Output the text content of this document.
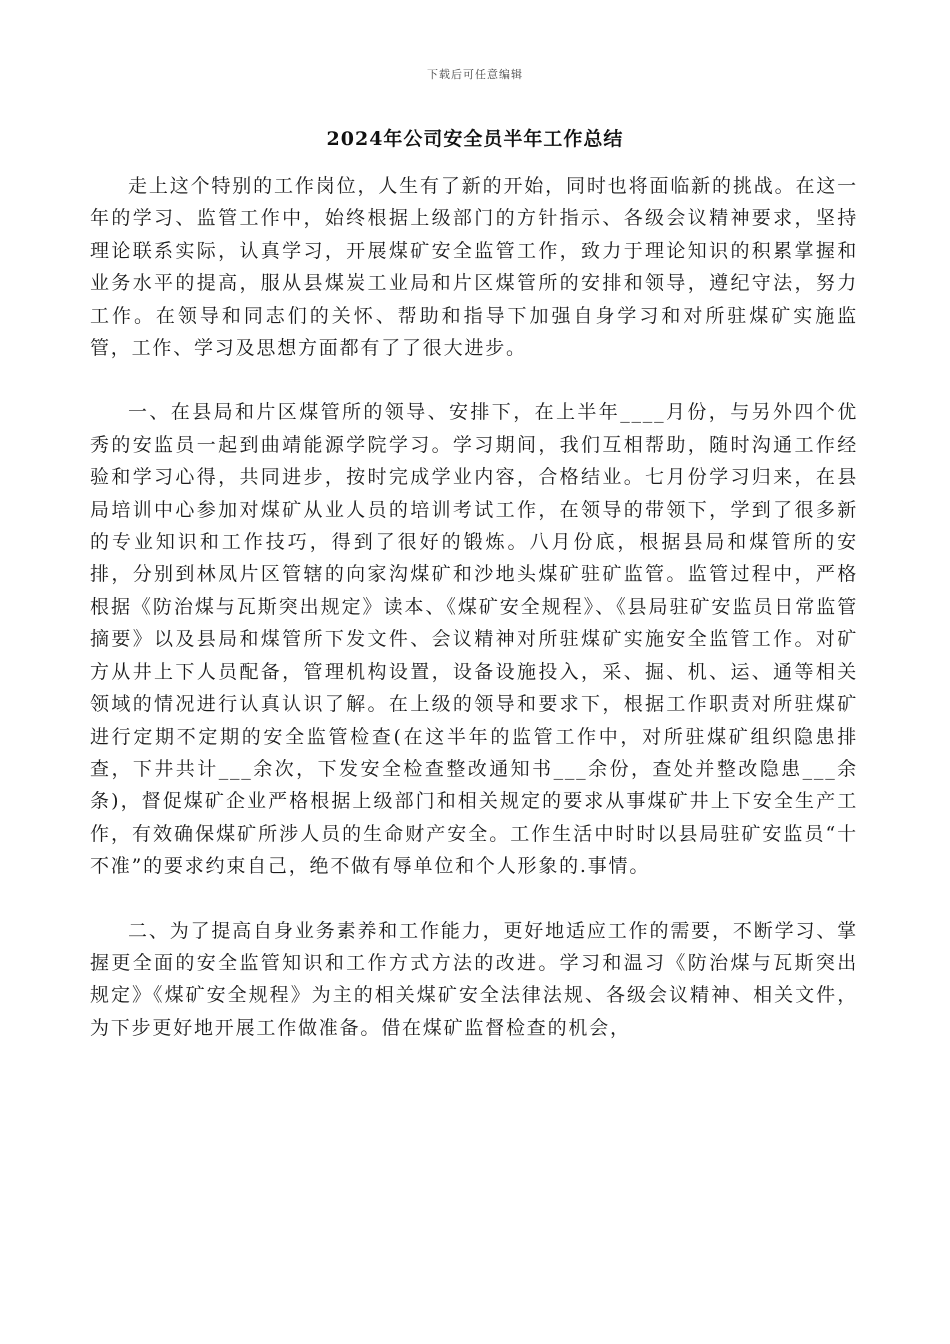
下载后可任意编辑
2024年公司安全员半年工作总结

走上这个特别的工作岗位，人生有了新的开始，同时也将面临新的挑战。在这一年的学习、监管工作中，始终根据上级部门的方针指示、各级会议精神要求，坚持理论联系实际，认真学习，开展煤矿安全监管工作，致力于理论知识的积累掌握和业务水平的提高，服从县煤炭工业局和片区煤管所的安排和领导，遵纪守法，努力工作。在领导和同志们的关怀、帮助和指导下加强自身学习和对所驻煤矿实施监管，工作、学习及思想方面都有了了很大进步。

一、在县局和片区煤管所的领导、安排下，在上半年____月份，与另外四个优秀的安监员一起到曲靖能源学院学习。学习期间，我们互相帮助，随时沟通工作经验和学习心得，共同进步，按时完成学业内容，合格结业。七月份学习归来，在县局培训中心参加对煤矿从业人员的培训考试工作，在领导的带领下，学到了很多新的专业知识和工作技巧，得到了很好的锻炼。八月份底，根据县局和煤管所的安排，分别到林凤片区管辖的向家沟煤矿和沙地头煤矿驻矿监管。监管过程中，严格根据《防治煤与瓦斯突出规定》读本、《煤矿安全规程》、《县局驻矿安监员日常监管摘要》以及县局和煤管所下发文件、会议精神对所驻煤矿实施安全监管工作。对矿方从井上下人员配备，管理机构设置，设备设施投入，采、掘、机、运、通等相关领域的情况进行认真认识了解。在上级的领导和要求下，根据工作职责对所驻煤矿进行定期不定期的安全监管检查(在这半年的监管工作中，对所驻煤矿组织隐患排查，下井共计___余次，下发安全检查整改通知书___余份，查处并整改隐患___余条)，督促煤矿企业严格根据上级部门和相关规定的要求从事煤矿井上下安全生产工作，有效确保煤矿所涉人员的生命财产安全。工作生活中时时以县局驻矿安监员“十不准”的要求约束自己，绝不做有辱单位和个人形象的.事情。

二、为了提高自身业务素养和工作能力，更好地适应工作的需要，不断学习、掌握更全面的安全监管知识和工作方式方法的改进。学习和温习《防治煤与瓦斯突出规定》《煤矿安全规程》为主的相关煤矿安全法律法规、各级会议精神、相关文件，为下步更好地开展工作做准备。借在煤矿监督检查的机会，
